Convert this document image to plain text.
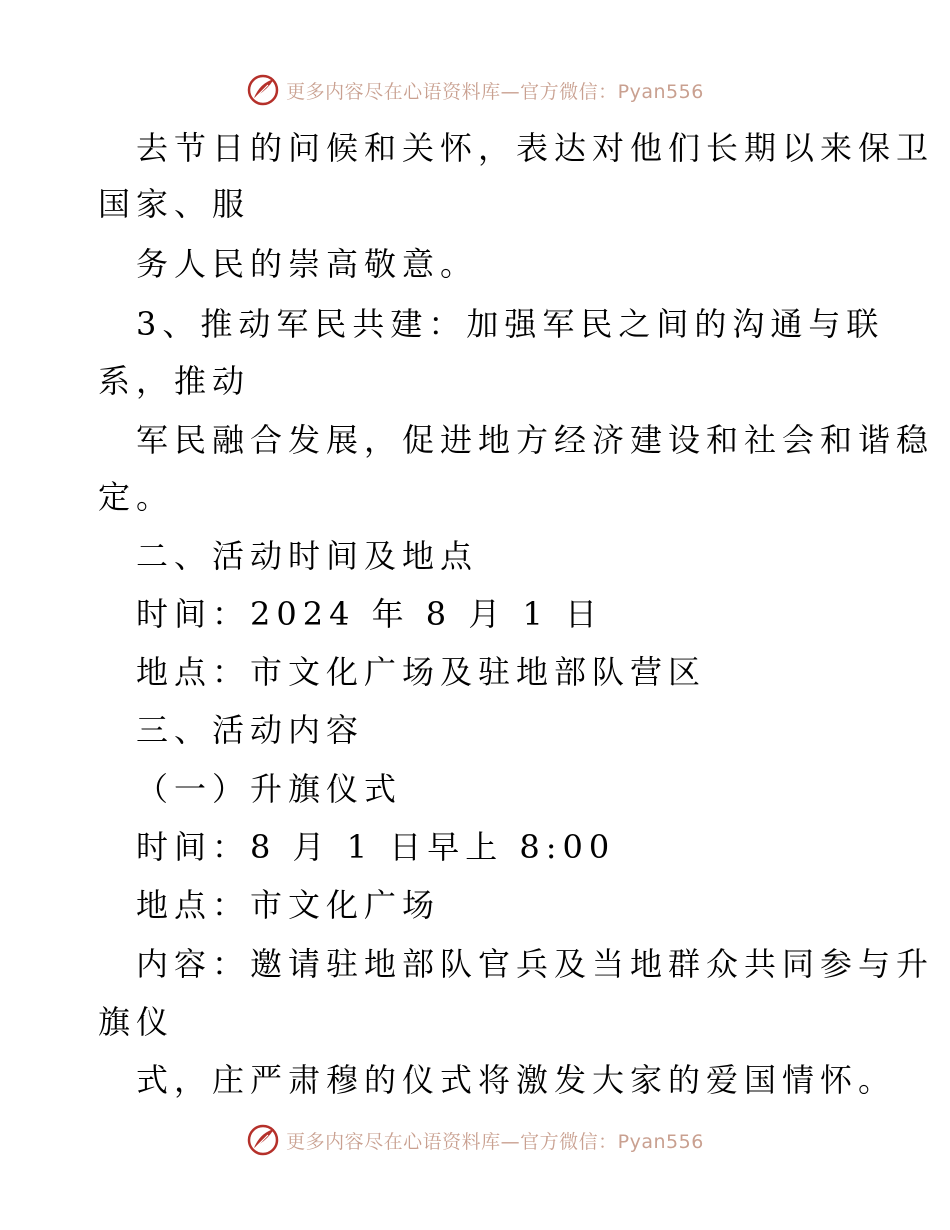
更多内容尽在心语资料库—官方微信：Pyan556
去节日的问候和关怀，表达对他们长期以来保卫
国家、服
务人民的崇高敬意。
3、推动军民共建：加强军民之间的沟通与联
系，推动
军民融合发展，促进地方经济建设和社会和谐稳
定。
二、活动时间及地点
时间：2024 年 8 月 1 日
地点：市文化广场及驻地部队营区
三、活动内容
（一）升旗仪式
时间：8 月 1 日早上 8:00
地点：市文化广场
内容：邀请驻地部队官兵及当地群众共同参与升
旗仪
式，庄严肃穆的仪式将激发大家的爱国情怀。
更多内容尽在心语资料库—官方微信：Pyan556
